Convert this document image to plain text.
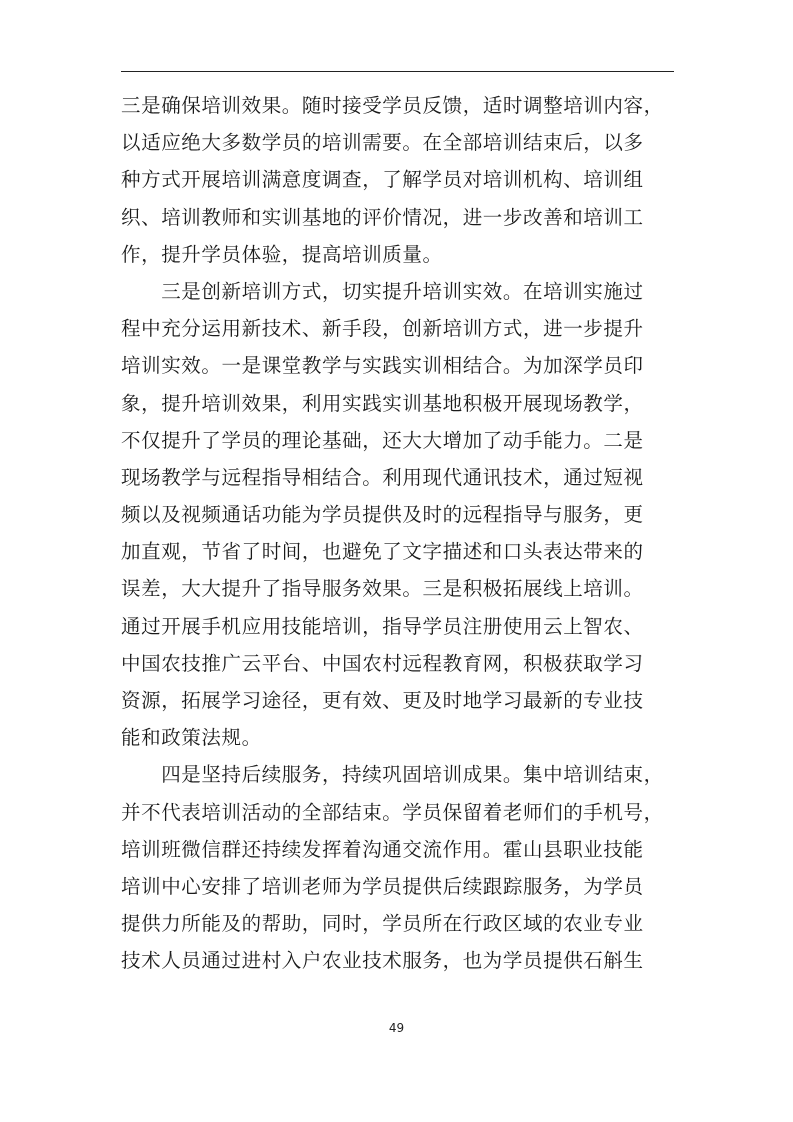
三是确保培训效果。随时接受学员反馈，适时调整培训内容，
以适应绝大多数学员的培训需要。在全部培训结束后，以多
种方式开展培训满意度调查，了解学员对培训机构、培训组
织、培训教师和实训基地的评价情况，进一步改善和培训工
作，提升学员体验，提高培训质量。
　　三是创新培训方式，切实提升培训实效。在培训实施过
程中充分运用新技术、新手段，创新培训方式，进一步提升
培训实效。一是课堂教学与实践实训相结合。为加深学员印
象，提升培训效果，利用实践实训基地积极开展现场教学，
不仅提升了学员的理论基础，还大大增加了动手能力。二是
现场教学与远程指导相结合。利用现代通讯技术，通过短视
频以及视频通话功能为学员提供及时的远程指导与服务，更
加直观，节省了时间，也避免了文字描述和口头表达带来的
误差，大大提升了指导服务效果。三是积极拓展线上培训。
通过开展手机应用技能培训，指导学员注册使用云上智农、
中国农技推广云平台、中国农村远程教育网，积极获取学习
资源，拓展学习途径，更有效、更及时地学习最新的专业技
能和政策法规。
　　四是坚持后续服务，持续巩固培训成果。集中培训结束，
并不代表培训活动的全部结束。学员保留着老师们的手机号，
培训班微信群还持续发挥着沟通交流作用。霍山县职业技能
培训中心安排了培训老师为学员提供后续跟踪服务，为学员
提供力所能及的帮助，同时，学员所在行政区域的农业专业
技术人员通过进村入户农业技术服务，也为学员提供石斛生
49
